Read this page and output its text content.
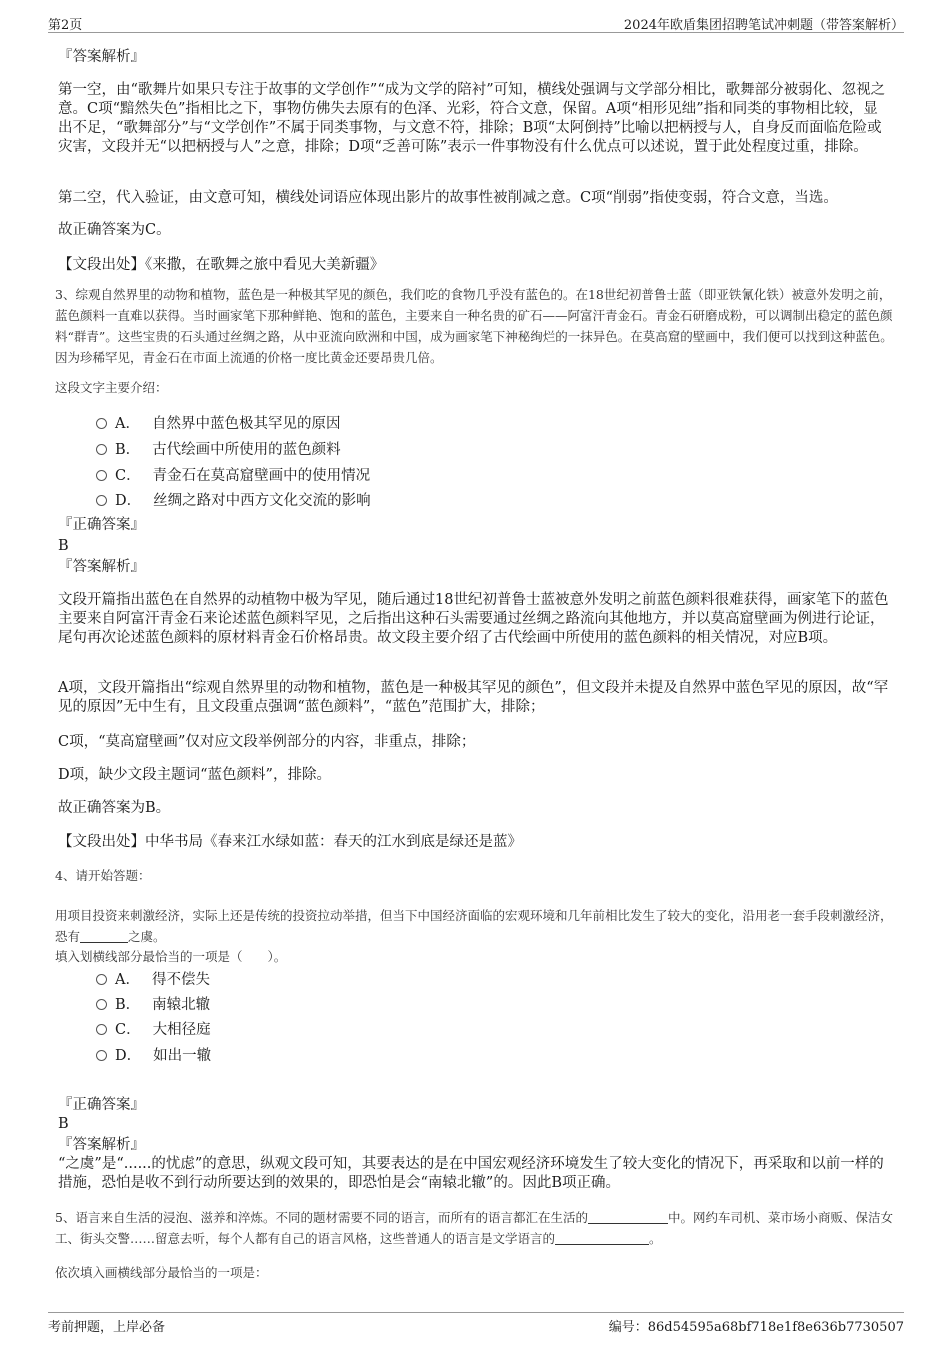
第2页	2024年欧盾集团招聘笔试冲刺题（带答案解析）
『答案解析』
第一空，由“歌舞片如果只专注于故事的文学创作”“成为文学的陪衬”可知，横线处强调与文学部分相比，歌舞部分被弱化、忽视之意。C项“黯然失色”指相比之下，事物仿佛失去原有的色泽、光彩，符合文意，保留。A项“相形见绌”指和同类的事物相比较，显出不足，“歌舞部分”与“文学创作”不属于同类事物，与文意不符，排除；B项“太阿倒持”比喻以把柄授与人，自身反而面临危险或灾害，文段并无“以把柄授与人”之意，排除；D项“乏善可陈”表示一件事物没有什么优点可以述说，置于此处程度过重，排除。
第二空，代入验证，由文意可知，横线处词语应体现出影片的故事性被削减之意。C项“削弱”指使变弱，符合文意，当选。
故正确答案为C。
【文段出处】《来撒，在歌舞之旅中看见大美新疆》
3、综观自然界里的动物和植物，蓝色是一种极其罕见的颜色，我们吃的食物几乎没有蓝色的。在18世纪初普鲁士蓝（即亚铁氰化铁）被意外发明之前，蓝色颜料一直难以获得。当时画家笔下那种鲜艳、饱和的蓝色，主要来自一种名贵的矿石——阿富汗青金石。青金石研磨成粉，可以调制出稳定的蓝色颜料“群青”。这些宝贵的石头通过丝绸之路，从中亚流向欧洲和中国，成为画家笔下神秘绚烂的一抹异色。在莫高窟的壁画中，我们便可以找到这种蓝色。因为珍稀罕见，青金石在市面上流通的价格一度比黄金还要昂贵几倍。
这段文字主要介绍：
A． 自然界中蓝色极其罕见的原因
B． 古代绘画中所使用的蓝色颜料
C． 青金石在莫高窟壁画中的使用情况
D． 丝绸之路对中西方文化交流的影响
『正确答案』
B
『答案解析』
文段开篇指出蓝色在自然界的动植物中极为罕见，随后通过18世纪初普鲁士蓝被意外发明之前蓝色颜料很难获得，画家笔下的蓝色主要来自阿富汗青金石来论述蓝色颜料罕见，之后指出这种石头需要通过丝绸之路流向其他地方，并以莫高窟壁画为例进行论证，尾句再次论述蓝色颜料的原材料青金石价格昂贵。故文段主要介绍了古代绘画中所使用的蓝色颜料的相关情况，对应B项。
A项，文段开篇指出“综观自然界里的动物和植物，蓝色是一种极其罕见的颜色”，但文段并未提及自然界中蓝色罕见的原因，故“罕见的原因”无中生有，且文段重点强调“蓝色颜料”，“蓝色”范围扩大，排除；
C项，“莫高窟壁画”仅对应文段举例部分的内容，非重点，排除；
D项，缺少文段主题词“蓝色颜料”，排除。
故正确答案为B。
【文段出处】中华书局《春来江水绿如蓝：春天的江水到底是绿还是蓝》
4、请开始答题：
用项目投资来刺激经济，实际上还是传统的投资拉动举措，但当下中国经济面临的宏观环境和几年前相比发生了较大的变化，沿用老一套手段刺激经济，恐有	之虞。
填入划横线部分最恰当的一项是（　　）。
A． 得不偿失
B． 南辕北辙
C． 大相径庭
D． 如出一辙
『正确答案』
B
『答案解析』
“之虞”是“......的忧虑”的意思，纵观文段可知，其要表达的是在中国宏观经济环境发生了较大变化的情况下，再采取和以前一样的措施，恐怕是收不到行动所要达到的效果的，即恐怕是会“南辕北辙”的。因此B项正确。
5、语言来自生活的浸泡、滋养和淬炼。不同的题材需要不同的语言，而所有的语言都汇在生活的	中。网约车司机、菜市场小商贩、保洁女工、街头交警……留意去听，每个人都有自己的语言风格，这些普通人的语言是文学语言的	。
依次填入画横线部分最恰当的一项是：
考前押题，上岸必备	编号：86d54595a68bf718e1f8e636b7730507
